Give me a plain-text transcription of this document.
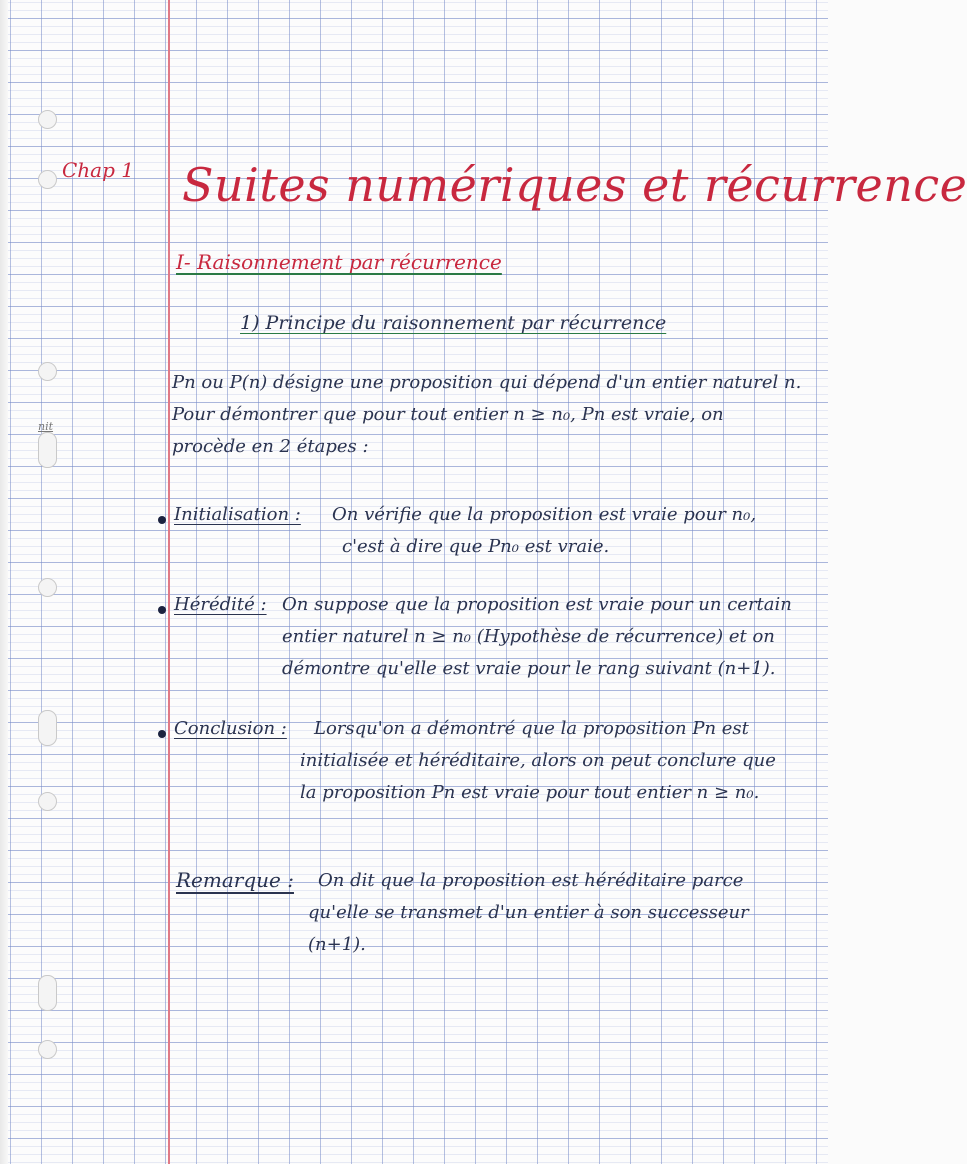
Chap 1 Suites numériques et récurrence
I- Raisonnement par récurrence
1) Principe du raisonnement par récurrence
nit
Pn ou P(n) désigne une proposition qui dépend d'un entier naturel n.
Pour démontrer que pour tout entier n ≥ n₀, Pn est vraie, on
procède en 2 étapes :
Initialisation : On vérifie que la proposition est vraie pour n₀,
c'est à dire que Pn₀ est vraie.
Hérédité : On suppose que la proposition est vraie pour un certain
entier naturel n ≥ n₀ (Hypothèse de récurrence) et on
démontre qu'elle est vraie pour le rang suivant (n+1).
Conclusion : Lorsqu'on a démontré que la proposition Pn est
initialisée et héréditaire, alors on peut conclure que
la proposition Pn est vraie pour tout entier n ≥ n₀.
Remarque : On dit que la proposition est héréditaire parce
qu'elle se transmet d'un entier à son successeur
(n+1).
